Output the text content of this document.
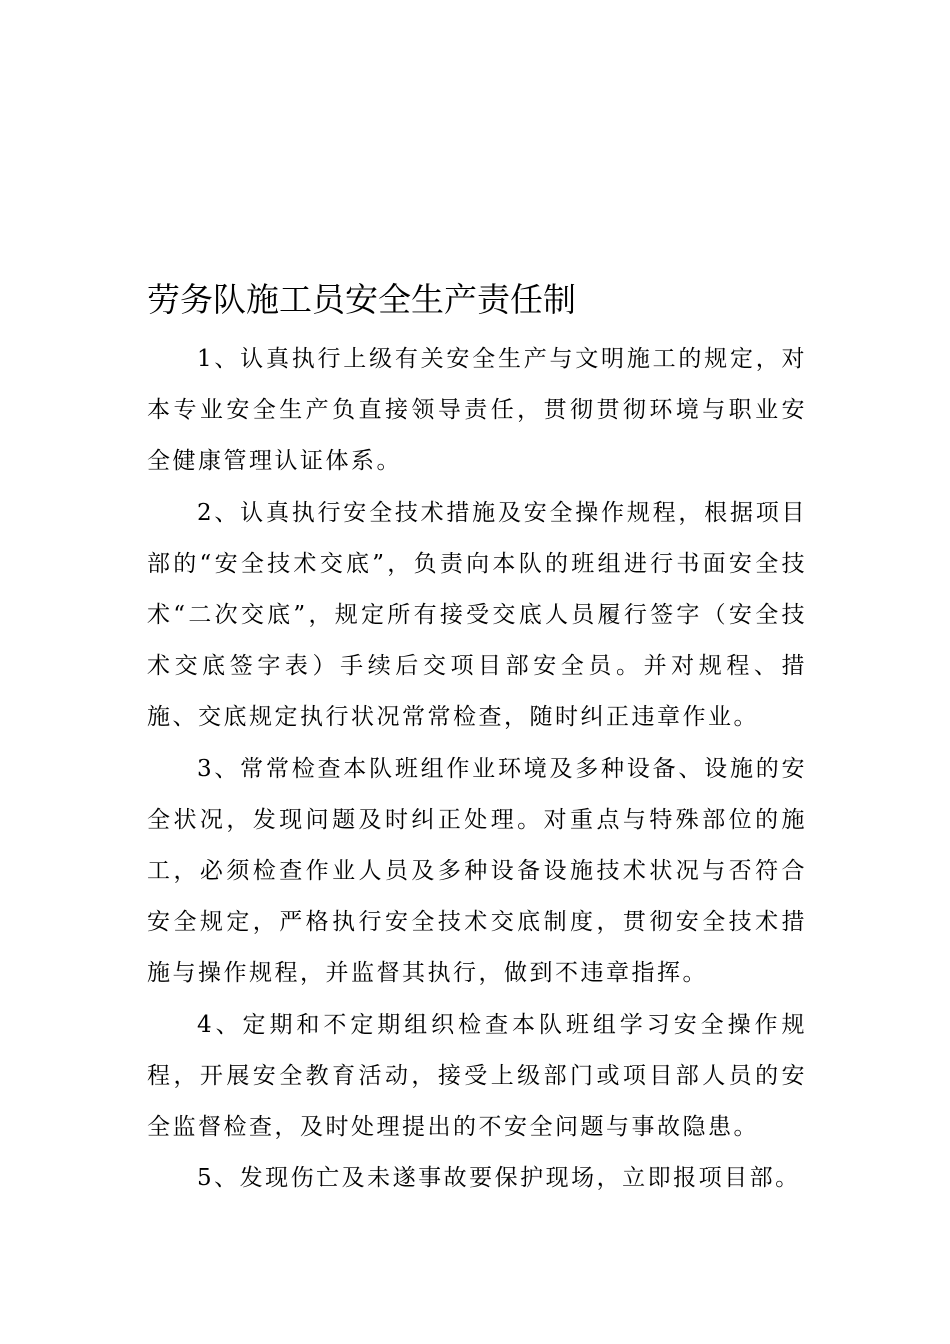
劳务队施工员安全生产责任制

1、认真执行上级有关安全生产与文明施工的规定，对本专业安全生产负直接领导责任，贯彻贯彻环境与职业安全健康管理认证体系。

2、认真执行安全技术措施及安全操作规程，根据项目部的“安全技术交底”，负责向本队的班组进行书面安全技术“二次交底”，规定所有接受交底人员履行签字（安全技术交底签字表）手续后交项目部安全员。并对规程、措施、交底规定执行状况常常检查，随时纠正违章作业。

3、常常检查本队班组作业环境及多种设备、设施的安全状况，发现问题及时纠正处理。对重点与特殊部位的施工，必须检查作业人员及多种设备设施技术状况与否符合安全规定，严格执行安全技术交底制度，贯彻安全技术措施与操作规程，并监督其执行，做到不违章指挥。

4、定期和不定期组织检查本队班组学习安全操作规程，开展安全教育活动，接受上级部门或项目部人员的安全监督检查，及时处理提出的不安全问题与事故隐患。

5、发现伤亡及未遂事故要保护现场，立即报项目部。
